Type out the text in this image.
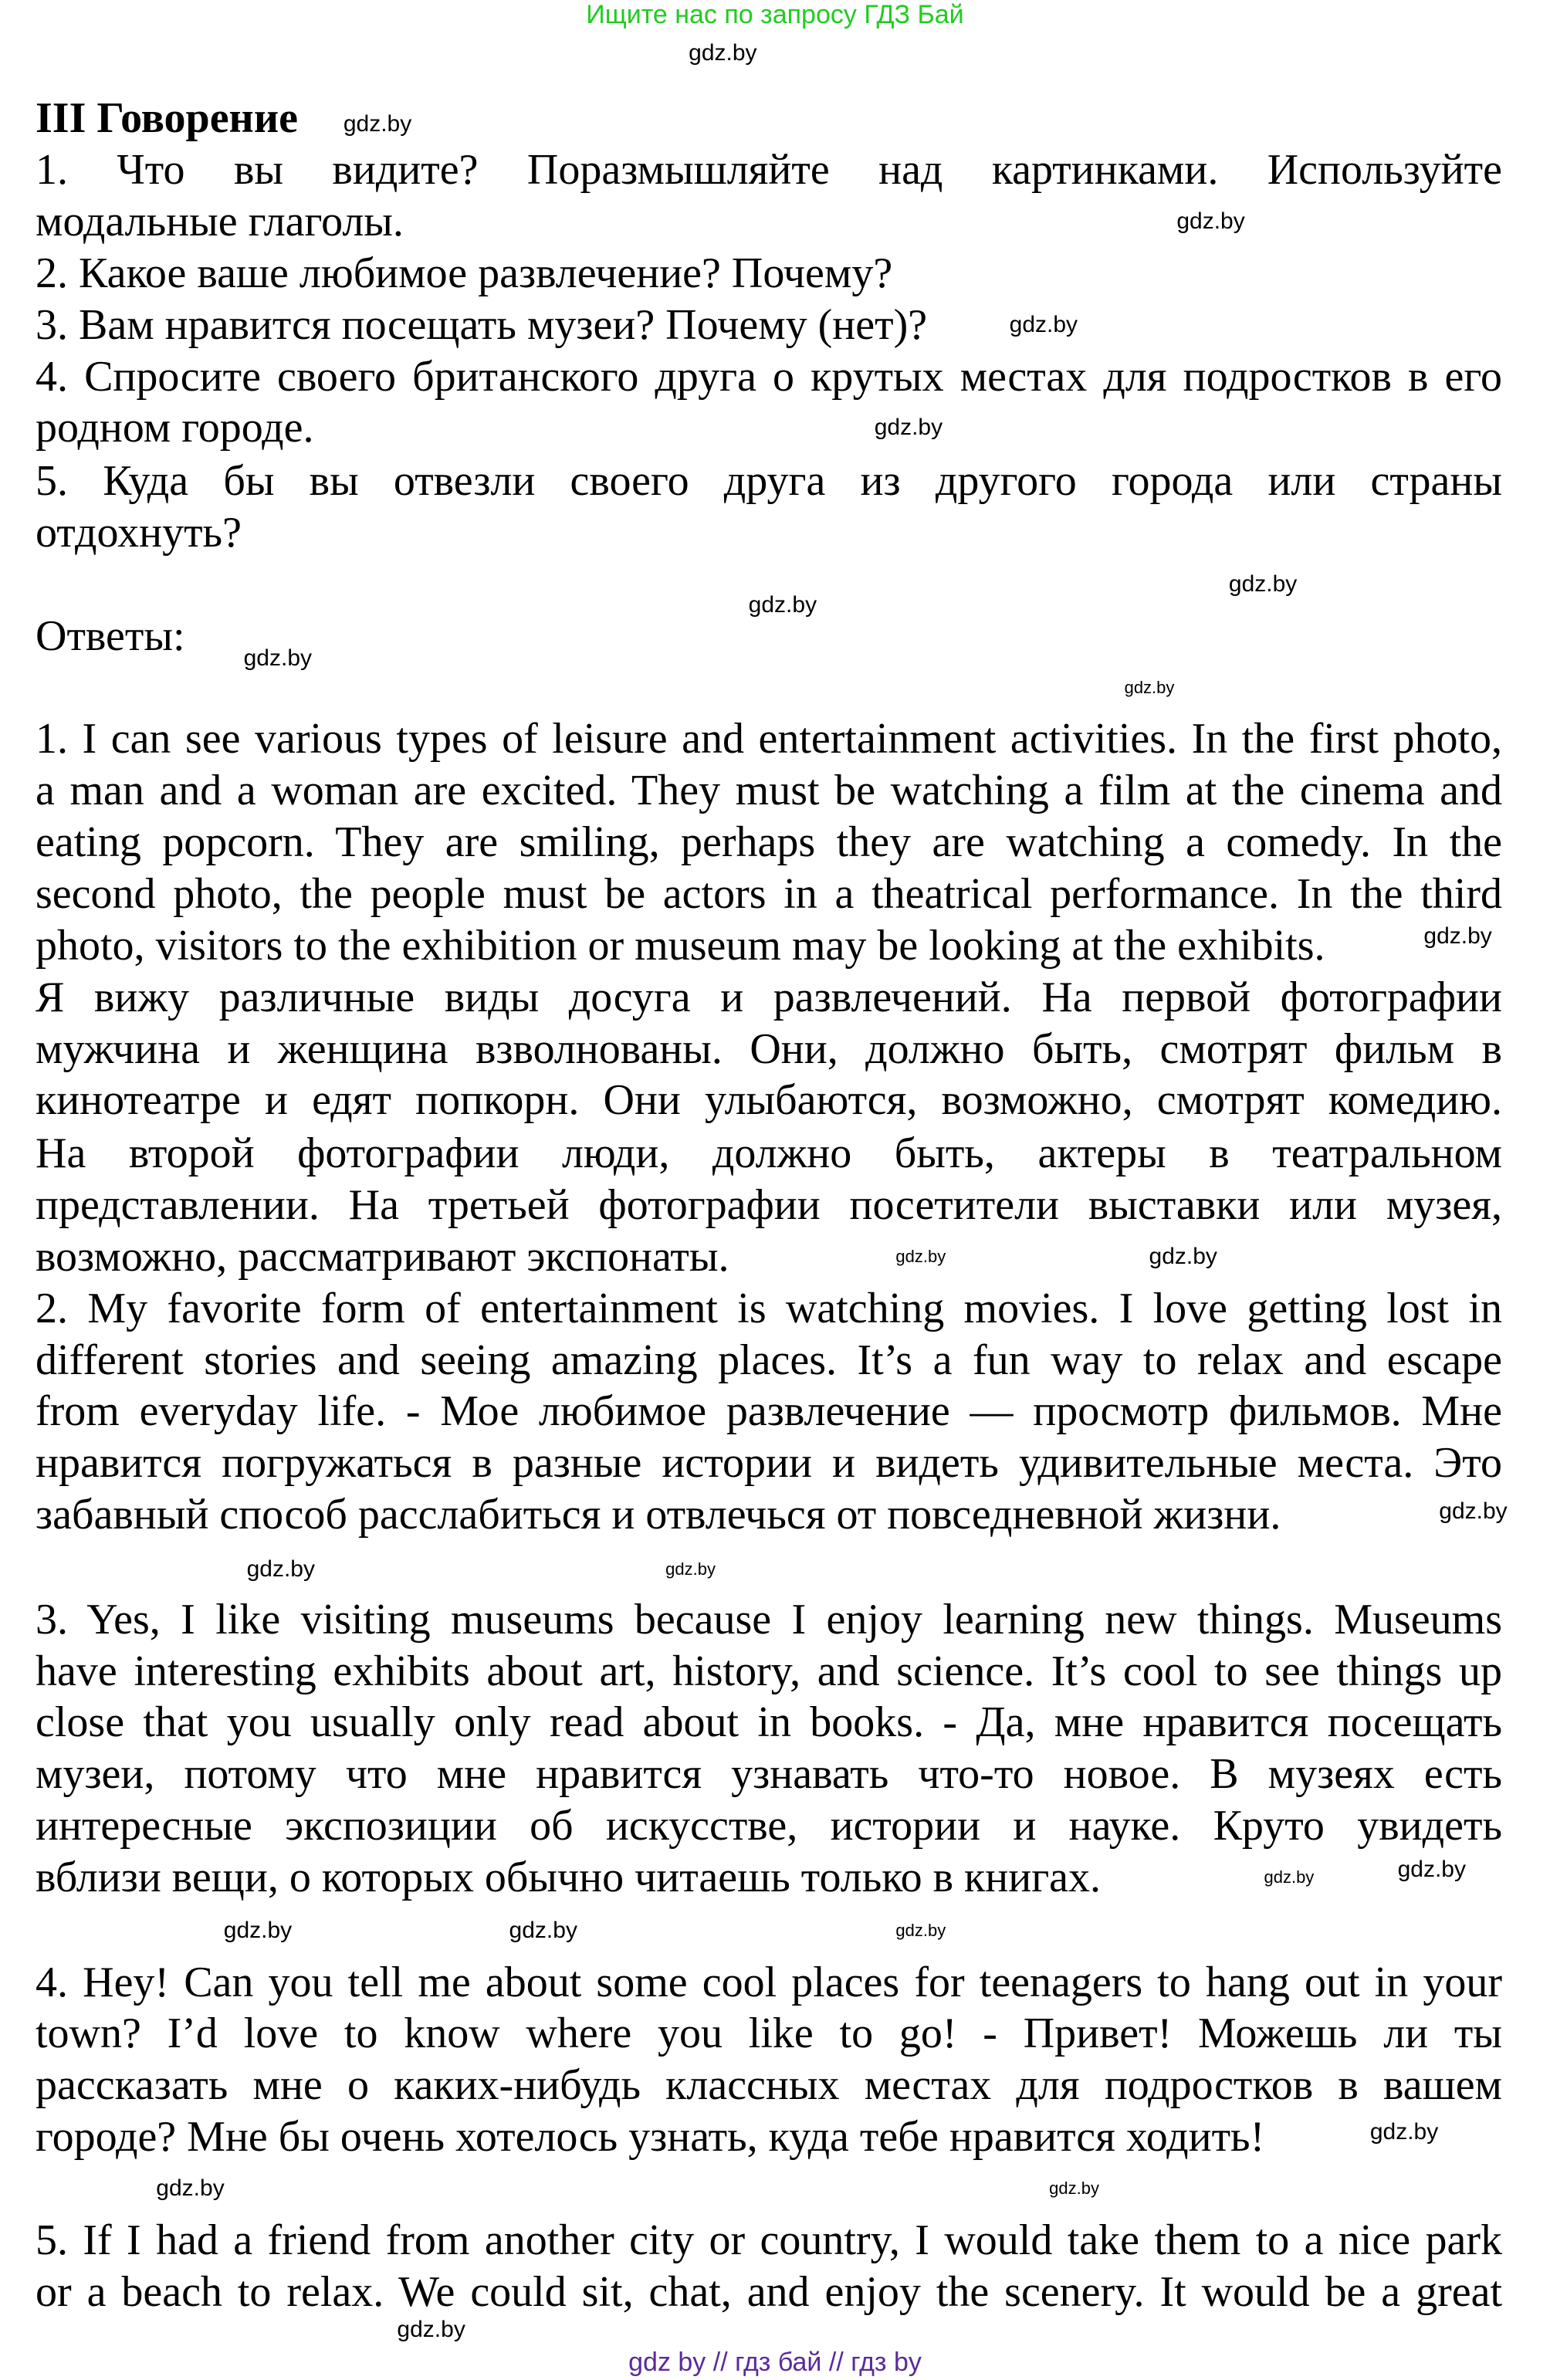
Ищите нас по запросу ГДЗ Бай
gdz by // гдз бай // гдз by
III Говорение
1. Что вы видите? Поразмышляйте над картинками. Используйте
модальные глаголы.
2. Какое ваше любимое развлечение? Почему?
3. Вам нравится посещать музеи? Почему (нет)?
4. Спросите своего британского друга о крутых местах для подростков в его
родном городе.
5. Куда бы вы отвезли своего друга из другого города или страны
отдохнуть?
Ответы:
1. I can see various types of leisure and entertainment activities. In the first photo,
a man and a woman are excited. They must be watching a film at the cinema and
eating popcorn. They are smiling, perhaps they are watching a comedy. In the
second photo, the people must be actors in a theatrical performance. In the third
photo, visitors to the exhibition or museum may be looking at the exhibits.
Я вижу различные виды досуга и развлечений. На первой фотографии
мужчина и женщина взволнованы. Они, должно быть, смотрят фильм в
кинотеатре и едят попкорн. Они улыбаются, возможно, смотрят комедию.
На второй фотографии люди, должно быть, актеры в театральном
представлении. На третьей фотографии посетители выставки или музея,
возможно, рассматривают экспонаты.
2. My favorite form of entertainment is watching movies. I love getting lost in
different stories and seeing amazing places. It’s a fun way to relax and escape
from everyday life. - Мое любимое развлечение — просмотр фильмов. Мне
нравится погружаться в разные истории и видеть удивительные места. Это
забавный способ расслабиться и отвлечься от повседневной жизни.
3. Yes, I like visiting museums because I enjoy learning new things. Museums
have interesting exhibits about art, history, and science. It’s cool to see things up
close that you usually only read about in books. - Да, мне нравится посещать
музеи, потому что мне нравится узнавать что-то новое. В музеях есть
интересные экспозиции об искусстве, истории и науке. Круто увидеть
вблизи вещи, о которых обычно читаешь только в книгах.
4. Hey! Can you tell me about some cool places for teenagers to hang out in your
town? I’d love to know where you like to go! - Привет! Можешь ли ты
рассказать мне о каких-нибудь классных местах для подростков в вашем
городе? Мне бы очень хотелось узнать, куда тебе нравится ходить!
5. If I had a friend from another city or country, I would take them to a nice park
or a beach to relax. We could sit, chat, and enjoy the scenery. It would be a great
gdz.by
gdz.by
gdz.by
gdz.by
gdz.by
gdz.by
gdz.by
gdz.by
gdz.by
gdz.by
gdz.by
gdz.by
gdz.by
gdz.by
gdz.by
gdz.by
gdz.by	gdz.by
gdz.by
gdz.by
gdz.by
gdz.by
gdz.by
gdz.by
